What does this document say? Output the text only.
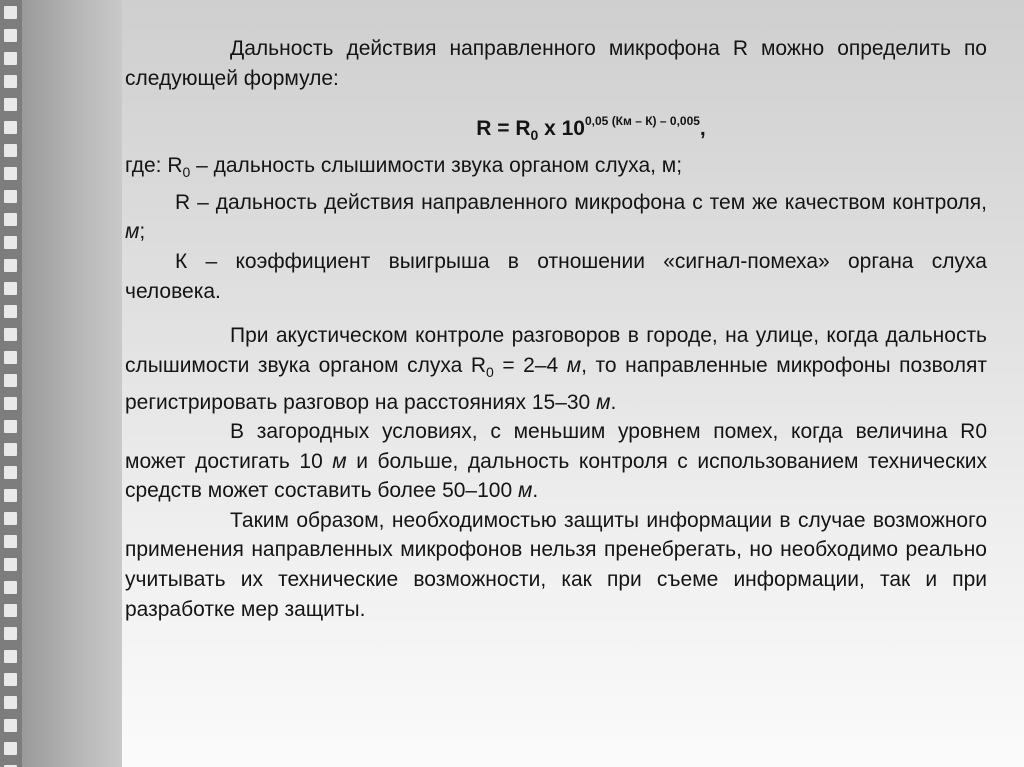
Дальность действия направленного микрофона R можно определить по следующей формуле:

$R = R_0$ x $10^{0,05 (Км - К) - 0,005}$,

где: $R_0$ – дальность слышимости звука органом слуха, м;

R – дальность действия направленного микрофона с тем же качеством контроля, м;

К – коэффициент выигрыша в отношении «сигнал-помеха» органа слуха человека.

При акустическом контроле разговоров в городе, на улице, когда дальность слышимости звука органом слуха $R_0 = 2-4$ м, то направленные микрофоны позволят регистрировать разговор на расстояниях 15–30 м.

В загородных условиях, с меньшим уровнем помех, когда величина R0 может достигать 10 м и больше, дальность контроля с использованием технических средств может составить более 50–100 м.

Таким образом, необходимостью защиты информации в случае возможного применения направленных микрофонов нельзя пренебрегать, но необходимо реально учитывать их технические возможности, как при съеме информации, так и при разработке мер защиты.
